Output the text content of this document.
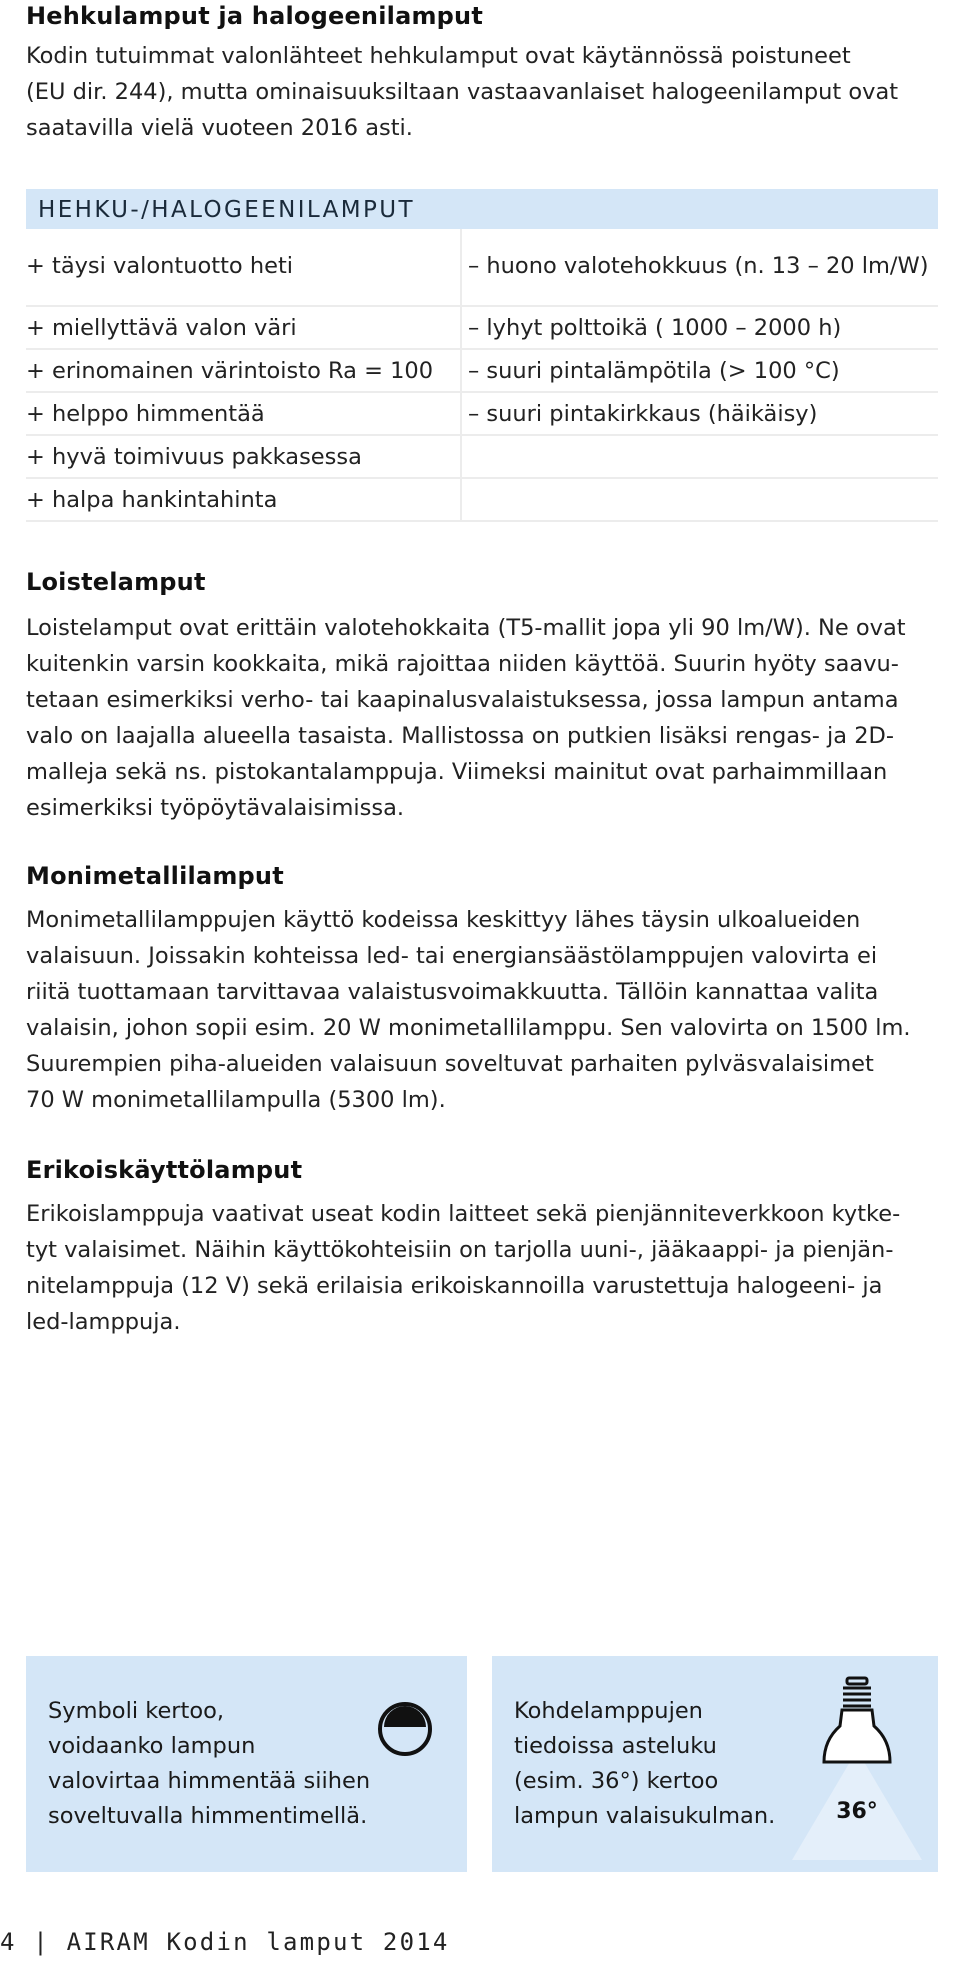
Hehkulamput ja halogeenilamput
Kodin tutuimmat valonlähteet hehkulamput ovat käytännössä poistuneet
(EU dir. 244), mutta ominaisuuksiltaan vastaavanlaiset halogeenilamput ovat
saatavilla vielä vuoteen 2016 asti.
HEHKU-/HALOGEENILAMPUT
+ täysi valontuotto heti	– huono valotehokkuus (n. 13 – 20 lm/W)
+ miellyttävä valon väri	– lyhyt polttoikä ( 1000 – 2000 h)
+ erinomainen värintoisto Ra = 100	– suuri pintalämpötila (> 100 °C)
+ helppo himmentää	– suuri pintakirkkaus (häikäisy)
+ hyvä toimivuus pakkasessa
+ halpa hankintahinta
Loistelamput
Loistelamput ovat erittäin valotehokkaita (T5-mallit jopa yli 90 lm/W). Ne ovat
kuitenkin varsin kookkaita, mikä rajoittaa niiden käyttöä. Suurin hyöty saavu-
tetaan esimerkiksi verho- tai kaapinalusvalaistuksessa, jossa lampun antama
valo on laajalla alueella tasaista. Mallistossa on putkien lisäksi rengas- ja 2D-
malleja sekä ns. pistokantalamppuja. Viimeksi mainitut ovat parhaimmillaan
esimerkiksi työpöytävalaisimissa.
Monimetallilamput
Monimetallilamppujen käyttö kodeissa keskittyy lähes täysin ulkoalueiden
valaisuun. Joissakin kohteissa led- tai energiansäästölamppujen valovirta ei
riitä tuottamaan tarvittavaa valaistusvoimakkuutta. Tällöin kannattaa valita
valaisin, johon sopii esim. 20 W monimetallilamppu. Sen valovirta on 1500 lm.
Suurempien piha-alueiden valaisuun soveltuvat parhaiten pylväsvalaisimet
70 W monimetallilampulla (5300 lm).
Erikoiskäyttölamput
Erikoislamppuja vaativat useat kodin laitteet sekä pienjänniteverkkoon kytke-
tyt valaisimet. Näihin käyttökohteisiin on tarjolla uuni-, jääkaappi- ja pienjän-
nitelamppuja (12 V) sekä erilaisia erikoiskannoilla varustettuja halogeeni- ja
led-lamppuja.
Symboli kertoo,
voidaanko lampun
valovirtaa himmentää siihen
soveltuvalla himmentimellä.
Kohdelamppujen
tiedoissa asteluku
(esim. 36°) kertoo
lampun valaisukulman.	36°
4 | AIRAM Kodin lamput 2014
